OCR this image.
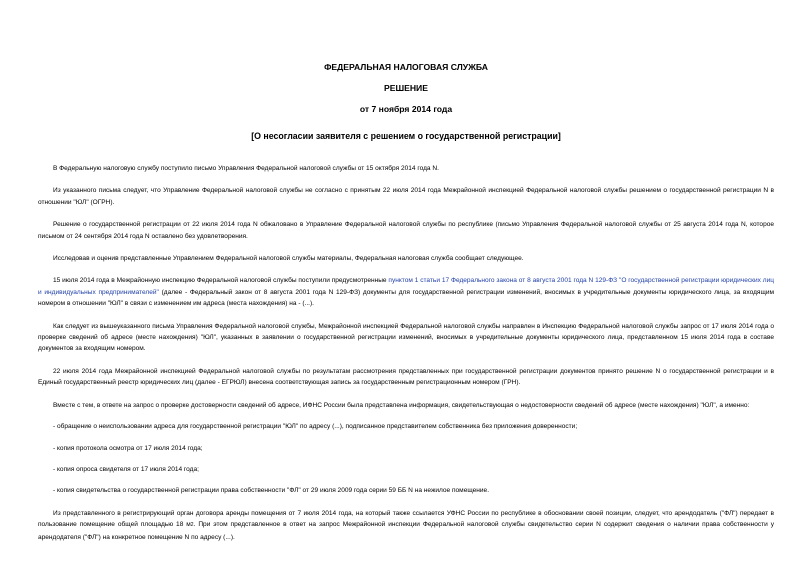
ФЕДЕРАЛЬНАЯ НАЛОГОВАЯ СЛУЖБА
РЕШЕНИЕ
от 7 ноября 2014 года
[О несогласии заявителя с решением о государственной регистрации]

В Федеральную налоговую службу поступило письмо Управления Федеральной налоговой службы от 15 октября 2014 года N.

Из указанного письма следует, что Управление Федеральной налоговой службы не согласно с принятым 22 июля 2014 года Межрайонной инспекцией Федеральной налоговой службы решением о государственной регистрации N в отношении "ЮЛ" (ОГРН).

Решение о государственной регистрации от 22 июля 2014 года N обжаловано в Управление Федеральной налоговой службы по республике (письмо Управления Федеральной налоговой службы от 25 августа 2014 года N, которое письмом от 24 сентября 2014 года N оставлено без удовлетворения.

Исследовав и оценив представленные Управлением Федеральной налоговой службы материалы, Федеральная налоговая служба сообщает следующее.

15 июля 2014 года в Межрайонную инспекцию Федеральной налоговой службы поступили предусмотренные пунктом 1 статьи 17 Федерального закона от 8 августа 2001 года N 129-ФЗ "О государственной регистрации юридических лиц и индивидуальных предпринимателей" (далее - Федеральный закон от 8 августа 2001 года N 129-ФЗ) документы для государственной регистрации изменений, вносимых в учредительные документы юридического лица, за входящим номером в отношении "ЮЛ" в связи с изменением им адреса (места нахождения) на - (...).

Как следует из вышеуказанного письма Управления Федеральной налоговой службы, Межрайонной инспекцией Федеральной налоговой службы направлен в Инспекцию Федеральной налоговой службы запрос от 17 июля 2014 года о проверке сведений об адресе (месте нахождения) "ЮЛ", указанных в заявлении о государственной регистрации изменений, вносимых в учредительные документы юридического лица, представленном 15 июля 2014 года в составе документов за входящим номером.

22 июля 2014 года Межрайонной инспекцией Федеральной налоговой службы по результатам рассмотрения представленных при государственной регистрации документов принято решение N о государственной регистрации и в Единый государственный реестр юридических лиц (далее - ЕГРЮЛ) внесена соответствующая запись за государственным регистрационным номером (ГРН).

Вместе с тем, в ответе на запрос о проверке достоверности сведений об адресе, ИФНС России была представлена информация, свидетельствующая о недостоверности сведений об адресе (месте нахождения) "ЮЛ", а именно:

- обращение о неиспользовании адреса для государственной регистрации "ЮЛ" по адресу (...), подписанное представителем собственника без приложения доверенности;

- копия протокола осмотра от 17 июля 2014 года;

- копия опроса свидетеля от 17 июля 2014 года;

- копия свидетельства о государственной регистрации права собственности "ФЛ" от 29 июля 2009 года серии 59 ББ N на нежилое помещение.

Из представленного в регистрирующий орган договора аренды помещения от 7 июля 2014 года, на который также ссылается УФНС России по республике в обосновании своей позиции, следует, что арендодатель ("ФЛ") передает в пользование помещение общей площадью 18 м2. При этом представленное в ответ на запрос Межрайонной инспекции Федеральной налоговой службы свидетельство серии N содержит сведения о наличии права собственности у арендодателя ("ФЛ") на конкретное помещение N по адресу (...).
